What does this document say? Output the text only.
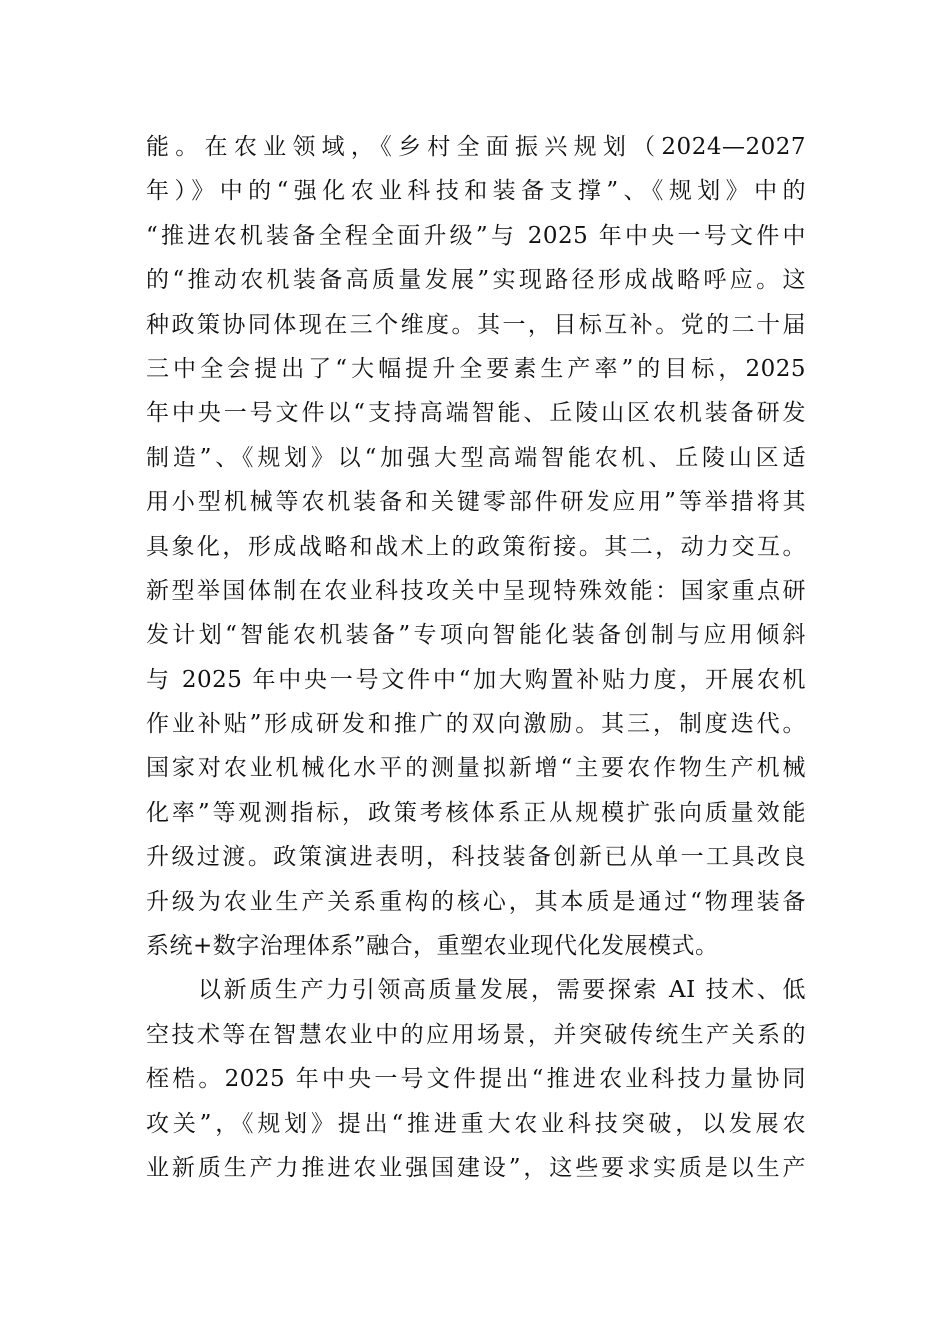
能。在农业领域，《乡村全面振兴规划（2024—2027
年）》中的“强化农业科技和装备支撑”、《规划》中的
“推进农机装备全程全面升级”与 2025 年中央一号文件中
的“推动农机装备高质量发展”实现路径形成战略呼应。这
种政策协同体现在三个维度。其一，目标互补。党的二十届
三中全会提出了“大幅提升全要素生产率”的目标，2025
年中央一号文件以“支持高端智能、丘陵山区农机装备研发
制造”、《规划》以“加强大型高端智能农机、丘陵山区适
用小型机械等农机装备和关键零部件研发应用”等举措将其
具象化，形成战略和战术上的政策衔接。其二，动力交互。
新型举国体制在农业科技攻关中呈现特殊效能：国家重点研
发计划“智能农机装备”专项向智能化装备创制与应用倾斜
与 2025 年中央一号文件中“加大购置补贴力度，开展农机
作业补贴”形成研发和推广的双向激励。其三，制度迭代。
国家对农业机械化水平的测量拟新增“主要农作物生产机械
化率”等观测指标，政策考核体系正从规模扩张向质量效能
升级过渡。政策演进表明，科技装备创新已从单一工具改良
升级为农业生产关系重构的核心，其本质是通过“物理装备
系统+数字治理体系”融合，重塑农业现代化发展模式。
以新质生产力引领高质量发展，需要探索 AI 技术、低
空技术等在智慧农业中的应用场景，并突破传统生产关系的
桎梏。2025 年中央一号文件提出“推进农业科技力量协同
攻关”，《规划》提出“推进重大农业科技突破，以发展农
业新质生产力推进农业强国建设”，这些要求实质是以生产
